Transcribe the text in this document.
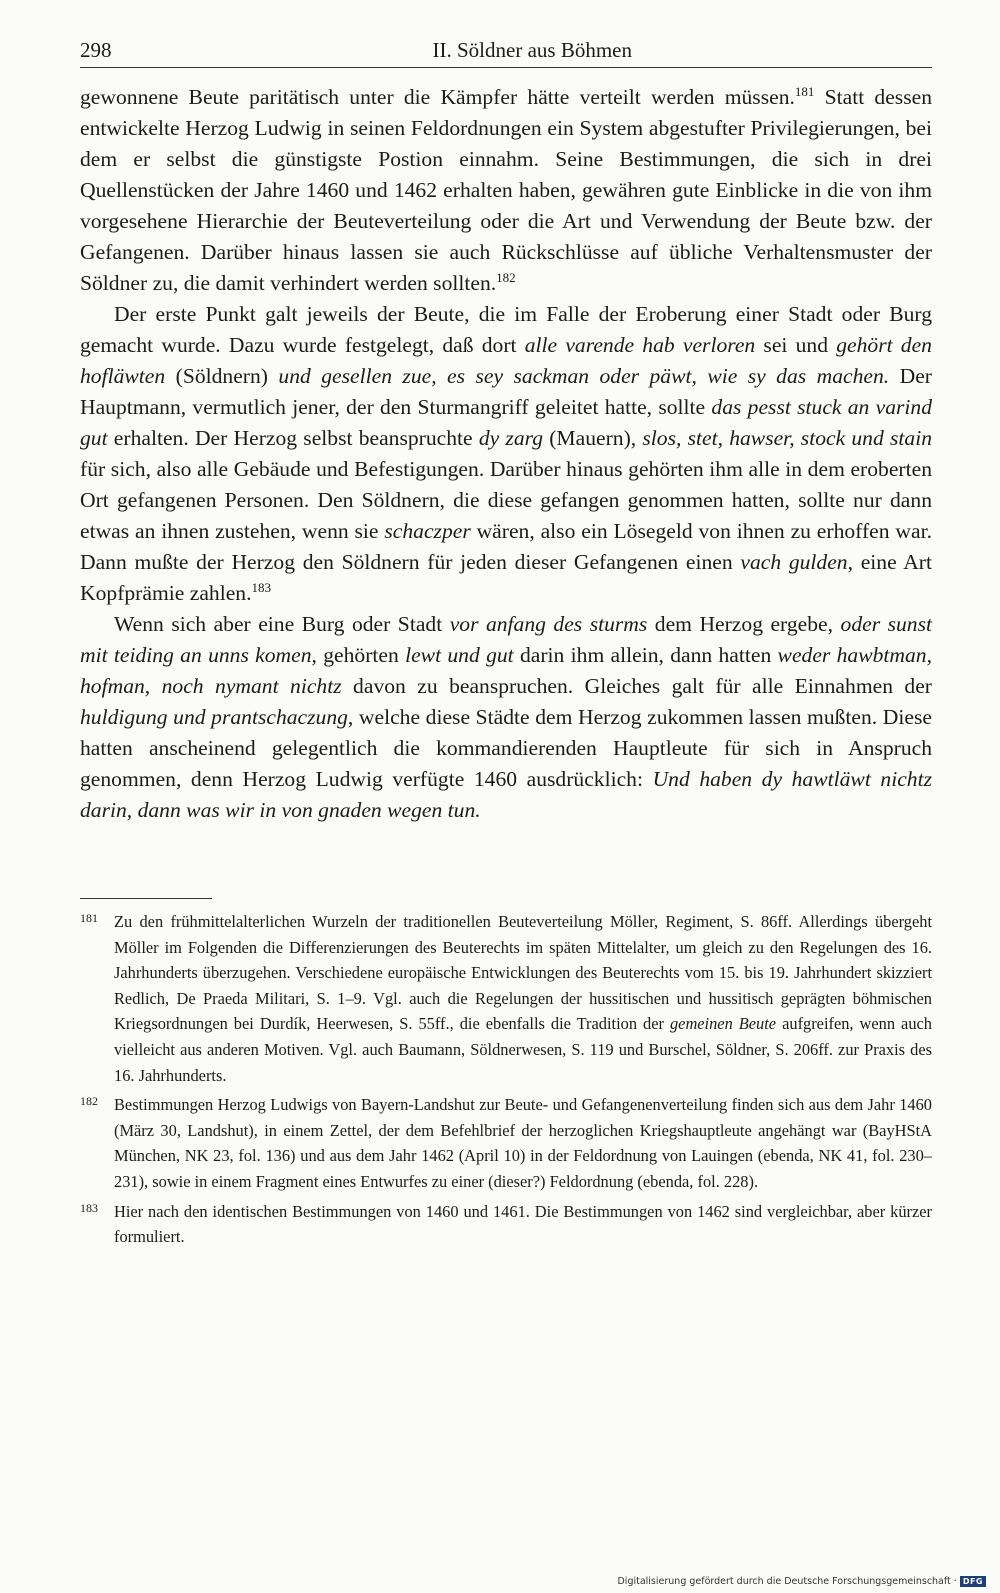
298	II. Söldner aus Böhmen

gewonnene Beute paritätisch unter die Kämpfer hätte verteilt werden müssen.$^{181}$ Statt dessen entwickelte Herzog Ludwig in seinen Feldordnungen ein System abgestufter Privilegierungen, bei dem er selbst die günstigste Postion einnahm. Seine Bestimmungen, die sich in drei Quellenstücken der Jahre 1460 und 1462 erhalten haben, gewähren gute Einblicke in die von ihm vorgesehene Hierarchie der Beuteverteilung oder die Art und Verwendung der Beute bzw. der Gefangenen. Darüber hinaus lassen sie auch Rückschlüsse auf übliche Verhaltensmuster der Söldner zu, die damit verhindert werden sollten.$^{182}$

Der erste Punkt galt jeweils der Beute, die im Falle der Eroberung einer Stadt oder Burg gemacht wurde. Dazu wurde festgelegt, daß dort alle varende hab verloren sei und gehört den hofläwten (Söldnern) und gesellen zue, es sey sackman oder päwt, wie sy das machen. Der Hauptmann, vermutlich jener, der den Sturmangriff geleitet hatte, sollte das pesst stuck an varind gut erhalten. Der Herzog selbst beanspruchte dy zarg (Mauern), slos, stet, hawser, stock und stain für sich, also alle Gebäude und Befestigungen. Darüber hinaus gehörten ihm alle in dem eroberten Ort gefangenen Personen. Den Söldnern, die diese gefangen genommen hatten, sollte nur dann etwas an ihnen zustehen, wenn sie schaczper wären, also ein Lösegeld von ihnen zu erhoffen war. Dann mußte der Herzog den Söldnern für jeden dieser Gefangenen einen vach gulden, eine Art Kopfprämie zahlen.$^{183}$

Wenn sich aber eine Burg oder Stadt vor anfang des sturms dem Herzog ergebe, oder sunst mit teiding an unns komen, gehörten lewt und gut darin ihm allein, dann hatten weder hawbtman, hofman, noch nymant nichtz davon zu beanspruchen. Gleiches galt für alle Einnahmen der huldigung und prantschaczung, welche diese Städte dem Herzog zukommen lassen mußten. Diese hatten anscheinend gelegentlich die kommandierenden Hauptleute für sich in Anspruch genommen, denn Herzog Ludwig verfügte 1460 ausdrücklich: Und haben dy hawtläwt nichtz darin, dann was wir in von gnaden wegen tun.

181 Zu den frühmittelalterlichen Wurzeln der traditionellen Beuteverteilung Möller, Regiment, S. 86ff. Allerdings übergeht Möller im Folgenden die Differenzierungen des Beuterechts im späten Mittelalter, um gleich zu den Regelungen des 16. Jahrhunderts überzugehen. Verschiedene europäische Entwicklungen des Beuterechts vom 15. bis 19. Jahrhundert skizziert Redlich, De Praeda Militari, S. 1–9. Vgl. auch die Regelungen der hussitischen und hussitisch geprägten böhmischen Kriegsordnungen bei Durdík, Heerwesen, S. 55ff., die ebenfalls die Tradition der gemeinen Beute aufgreifen, wenn auch vielleicht aus anderen Motiven. Vgl. auch Baumann, Söldnerwesen, S. 119 und Burschel, Söldner, S. 206ff. zur Praxis des 16. Jahrhunderts.

182 Bestimmungen Herzog Ludwigs von Bayern-Landshut zur Beute- und Gefangenenverteilung finden sich aus dem Jahr 1460 (März 30, Landshut), in einem Zettel, der dem Befehlbrief der herzoglichen Kriegshauptleute angehängt war (BayHStA München, NK 23, fol. 136) und aus dem Jahr 1462 (April 10) in der Feldordnung von Lauingen (ebenda, NK 41, fol. 230–231), sowie in einem Fragment eines Entwurfes zu einer (dieser?) Feldordnung (ebenda, fol. 228).

183 Hier nach den identischen Bestimmungen von 1460 und 1461. Die Bestimmungen von 1462 sind vergleichbar, aber kürzer formuliert.

Digitalisierung gefördert durch die Deutsche Forschungsgemeinschaft · DFG
